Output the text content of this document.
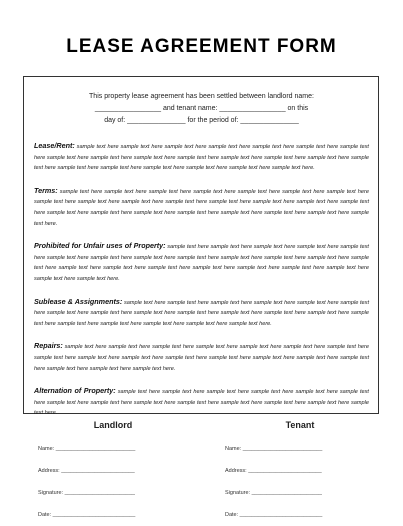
LEASE AGREEMENT FORM
This property lease agreement has been settled between landlord name:
_________________ and tenant name: _________________ on this
day of: _______________ for the period of: _______________
Lease/Rent: sample text here sample text here sample text here sample text here sample text here sample text here sample text here sample text here sample text here sample text here sample text here sample text here sample text here sample text here sample text here sample text here sample text here sample text here sample text here sample text here sample text here.
Terms: sample text here sample text here sample text here sample text here sample text here sample text here sample text here sample text here sample text here sample text here sample text here sample text here sample text here sample text here sample text here sample text here sample text here sample text here sample text here sample text here sample text here sample text here sample text here.
Prohibited for Unfair uses of Property: sample text here sample text here sample text here sample text here sample text here sample text here sample text here sample text here sample text here sample text here sample text here sample text here sample text here sample text here sample text here sample text here sample text here sample text here sample text here sample text here sample text here sample text here.
Sublease & Assignments: sample text here sample text here sample text here sample text here sample text here sample text here sample text here sample text here sample text here sample text here sample text here sample text here sample text here sample text here sample text here sample text here sample text here sample text here sample text here.
Repairs: sample text here sample text here sample text here sample text here sample text here sample text here sample text here sample text here sample text here sample text here sample text here sample text here sample text here sample text here sample text here sample text here sample text here sample text here.
Alternation of Property: sample text here sample text here sample text here sample text here sample text here sample text here sample text here sample text here sample text here sample text here sample text here sample text here sample text here sample text here.
Landlord
Name: __________________________
Address: ________________________
Signature: _______________________
Date: ___________________________
Tenant
Name: __________________________
Address: ________________________
Signature: _______________________
Date: ___________________________
